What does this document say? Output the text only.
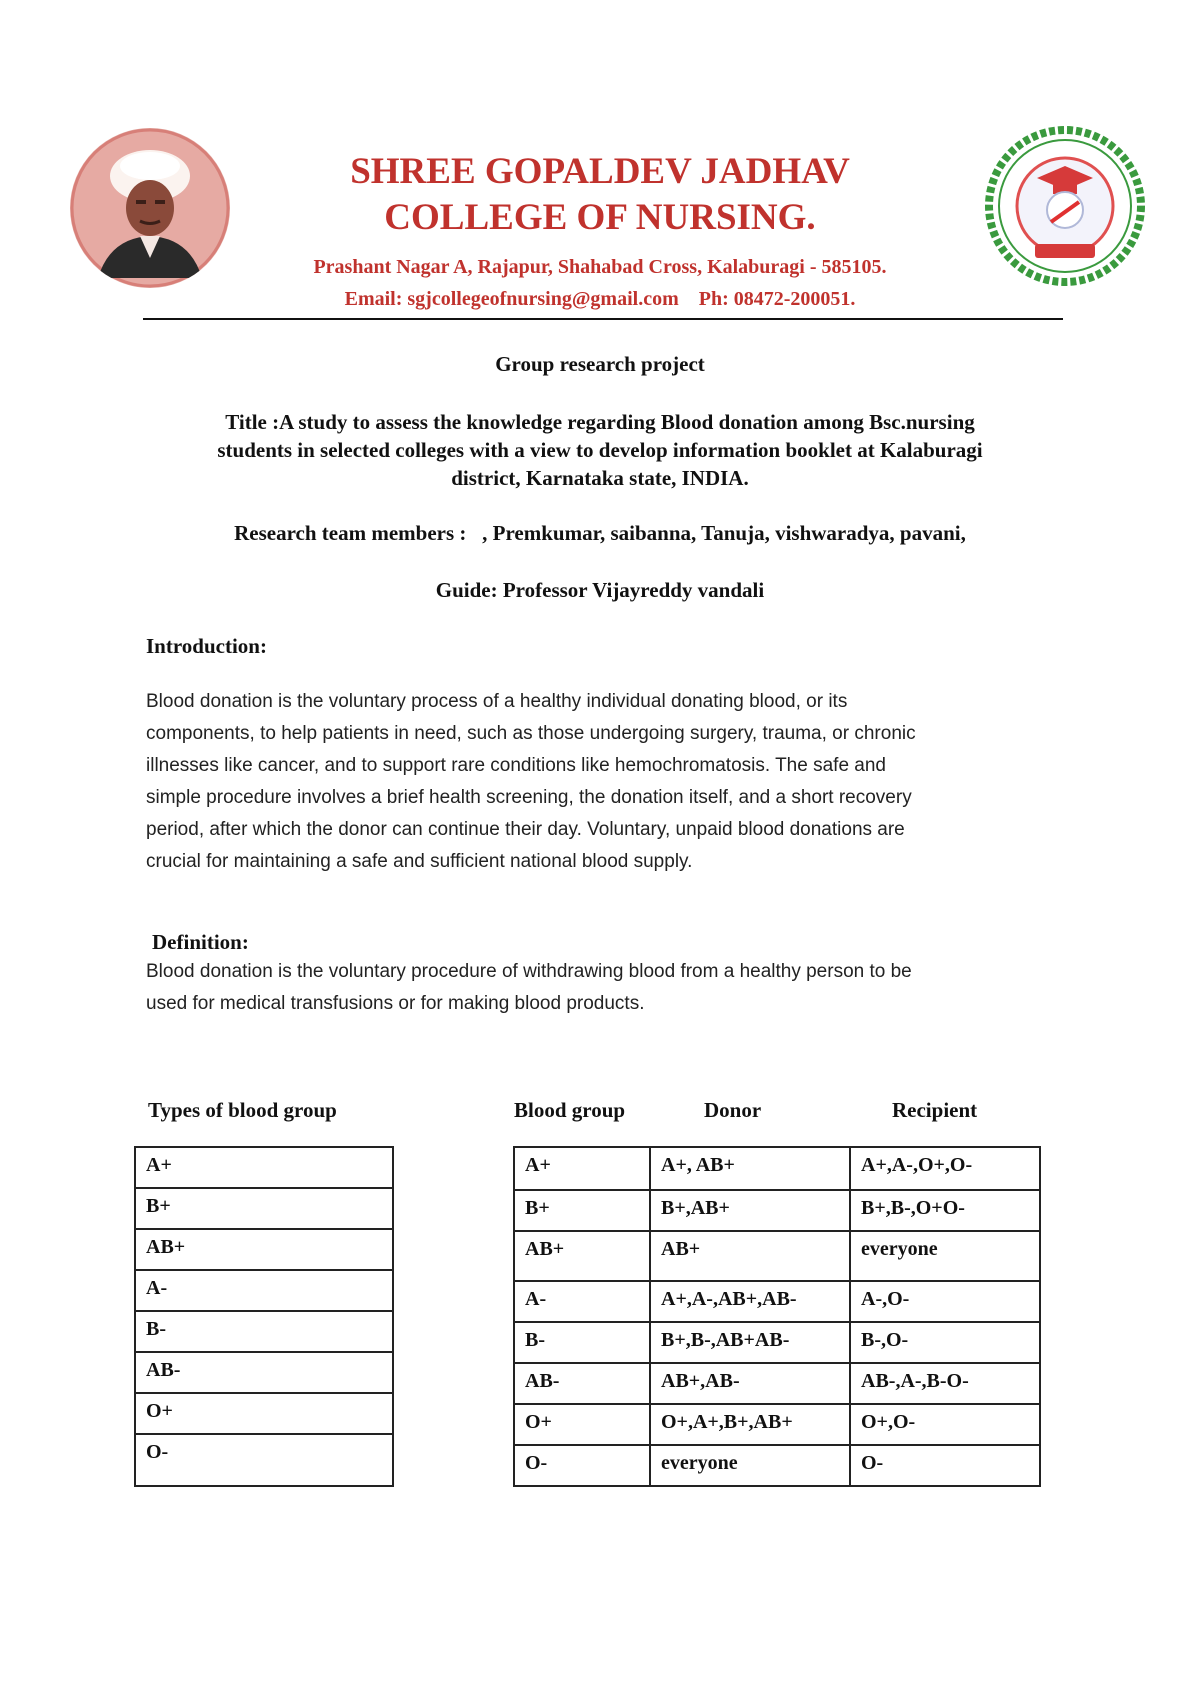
SHREE GOPALDEV JADHAV
COLLEGE OF NURSING.
Prashant Nagar A, Rajapur, Shahabad Cross, Kalaburagi - 585105.
Email: sgjcollegeofnursing@gmail.com    Ph: 08472-200051.
Group research project
Title :A study to assess the knowledge regarding Blood donation among Bsc.nursing
students in selected colleges with a view to develop information booklet at Kalaburagi
district, Karnataka state, INDIA.
Research team members :   , Premkumar, saibanna, Tanuja, vishwaradya, pavani,
Guide: Professor Vijayreddy vandali
Introduction:
Blood donation is the voluntary process of a healthy individual donating blood, or its
components, to help patients in need, such as those undergoing surgery, trauma, or chronic
illnesses like cancer, and to support rare conditions like hemochromatosis. The safe and
simple procedure involves a brief health screening, the donation itself, and a short recovery
period, after which the donor can continue their day. Voluntary, unpaid blood donations are
crucial for maintaining a safe and sufficient national blood supply.
Definition:
Blood donation is the voluntary procedure of withdrawing blood from a healthy person to be
used for medical transfusions or for making blood products.
Types of blood group	Blood group	Donor	Recipient
A+
B+
AB+
A-
B-
AB-
O+
O-
A+	A+, AB+	A+,A-,O+,O-
B+	B+,AB+	B+,B-,O+O-
AB+	AB+	everyone
A-	A+,A-,AB+,AB-	A-,O-
B-	B+,B-,AB+AB-	B-,O-
AB-	AB+,AB-	AB-,A-,B-O-
O+	O+,A+,B+,AB+	O+,O-
O-	everyone	O-
